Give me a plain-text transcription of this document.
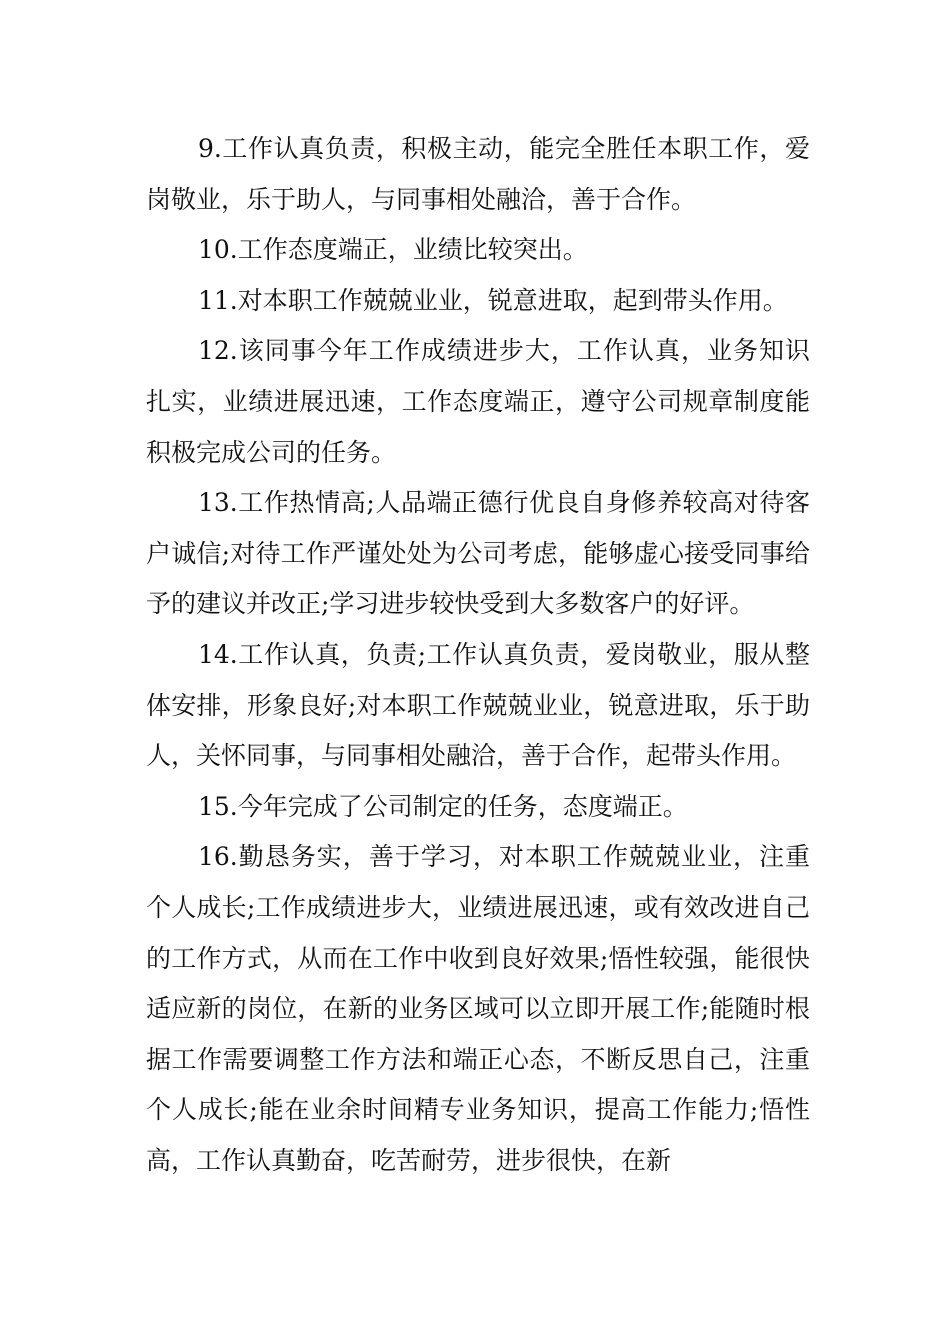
9.工作认真负责，积极主动，能完全胜任本职工作，爱岗敬业，乐于助人，与同事相处融洽，善于合作。

10.工作态度端正，业绩比较突出。

11.对本职工作兢兢业业，锐意进取，起到带头作用。

12.该同事今年工作成绩进步大，工作认真，业务知识扎实，业绩进展迅速，工作态度端正，遵守公司规章制度能积极完成公司的任务。

13.工作热情高;人品端正德行优良自身修养较高对待客户诚信;对待工作严谨处处为公司考虑，能够虚心接受同事给予的建议并改正;学习进步较快受到大多数客户的好评。

14.工作认真，负责;工作认真负责，爱岗敬业，服从整体安排，形象良好;对本职工作兢兢业业，锐意进取，乐于助人，关怀同事，与同事相处融洽，善于合作，起带头作用。

15.今年完成了公司制定的任务，态度端正。

16.勤恳务实，善于学习，对本职工作兢兢业业，注重个人成长;工作成绩进步大，业绩进展迅速，或有效改进自己的工作方式，从而在工作中收到良好效果;悟性较强，能很快适应新的岗位，在新的业务区域可以立即开展工作;能随时根据工作需要调整工作方法和端正心态，不断反思自己，注重个人成长;能在业余时间精专业务知识，提高工作能力;悟性高，工作认真勤奋，吃苦耐劳，进步很快，在新
